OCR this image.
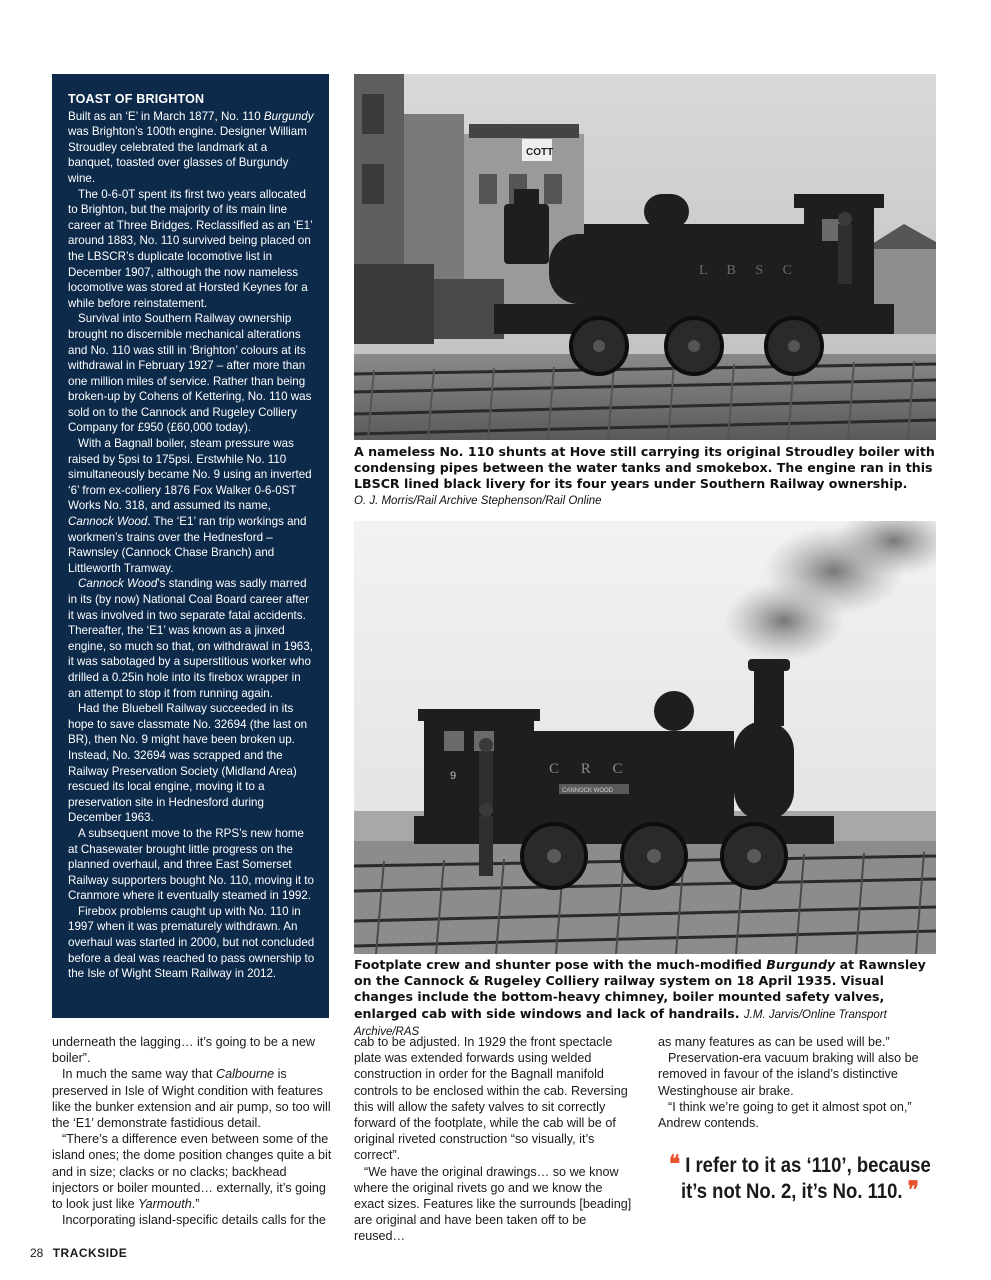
TOAST OF BRIGHTON

Built as an ‘E’ in March 1877, No. 110 Burgundy was Brighton’s 100th engine. Designer William Stroudley celebrated the landmark at a banquet, toasted over glasses of Burgundy wine.

The 0-6-0T spent its first two years allocated to Brighton, but the majority of its main line career at Three Bridges. Reclassified as an ‘E1’ around 1883, No. 110 survived being placed on the LBSCR’s duplicate locomotive list in December 1907, although the now nameless locomotive was stored at Horsted Keynes for a while before reinstatement.

Survival into Southern Railway ownership brought no discernible mechanical alterations and No. 110 was still in ‘Brighton’ colours at its withdrawal in February 1927 – after more than one million miles of service. Rather than being broken-up by Cohens of Kettering, No. 110 was sold on to the Cannock and Rugeley Colliery Company for £950 (£60,000 today).

With a Bagnall boiler, steam pressure was raised by 5psi to 175psi. Erstwhile No. 110 simultaneously became No. 9 using an inverted ‘6’ from ex-colliery 1876 Fox Walker 0-6-0ST Works No. 318, and assumed its name, Cannock Wood. The ‘E1’ ran trip workings and workmen’s trains over the Hednesford – Rawnsley (Cannock Chase Branch) and Littleworth Tramway.

Cannock Wood’s standing was sadly marred in its (by now) National Coal Board career after it was involved in two separate fatal accidents. Thereafter, the ‘E1’ was known as a jinxed engine, so much so that, on withdrawal in 1963, it was sabotaged by a superstitious worker who drilled a 0.25in hole into its firebox wrapper in an attempt to stop it from running again.

Had the Bluebell Railway succeeded in its hope to save classmate No. 32694 (the last on BR), then No. 9 might have been broken up. Instead, No. 32694 was scrapped and the Railway Preservation Society (Midland Area) rescued its local engine, moving it to a preservation site in Hednesford during December 1963.

A subsequent move to the RPS’s new home at Chasewater brought little progress on the planned overhaul, and three East Somerset Railway supporters bought No. 110, moving it to Cranmore where it eventually steamed in 1992.

Firebox problems caught up with No. 110 in 1997 when it was prematurely withdrawn. An overhaul was started in 2000, but not concluded before a deal was reached to pass ownership to the Isle of Wight Steam Railway in 2012.

COTT
L B S C

A nameless No. 110 shunts at Hove still carrying its original Stroudley boiler with condensing pipes between the water tanks and smokebox. The engine ran in this LBSCR lined black livery for its four years under Southern Railway ownership.
O. J. Morris/Rail Archive Stephenson/Rail Online

C R C
CANNOCK WOOD
9

Footplate crew and shunter pose with the much-modified Burgundy at Rawnsley on the Cannock & Rugeley Colliery railway system on 18 April 1935. Visual changes include the bottom-heavy chimney, boiler mounted safety valves, enlarged cab with side windows and lack of handrails. J.M. Jarvis/Online Transport Archive/RAS

underneath the lagging… it’s going to be a new boiler”.

In much the same way that Calbourne is preserved in Isle of Wight condition with features like the bunker extension and air pump, so too will the ‘E1’ demonstrate fastidious detail.

“There’s a difference even between some of the island ones; the dome position changes quite a bit and in size; clacks or no clacks; backhead injectors or boiler mounted… externally, it’s going to look just like Yarmouth.”

Incorporating island-specific details calls for the

cab to be adjusted. In 1929 the front spectacle plate was extended forwards using welded construction in order for the Bagnall manifold controls to be enclosed within the cab. Reversing this will allow the safety valves to sit correctly forward of the footplate, while the cab will be of original riveted construction “so visually, it’s correct”.

“We have the original drawings… so we know where the original rivets go and we know the exact sizes. Features like the surrounds [beading] are original and have been taken off to be reused…

as many features as can be used will be.”

Preservation-era vacuum braking will also be removed in favour of the island’s distinctive Westinghouse air brake.

“I think we’re going to get it almost spot on,” Andrew contends.

❝ I refer to it as ‘110’, because it’s not No. 2, it’s No. 110. ❞
28 TRACKSIDE
